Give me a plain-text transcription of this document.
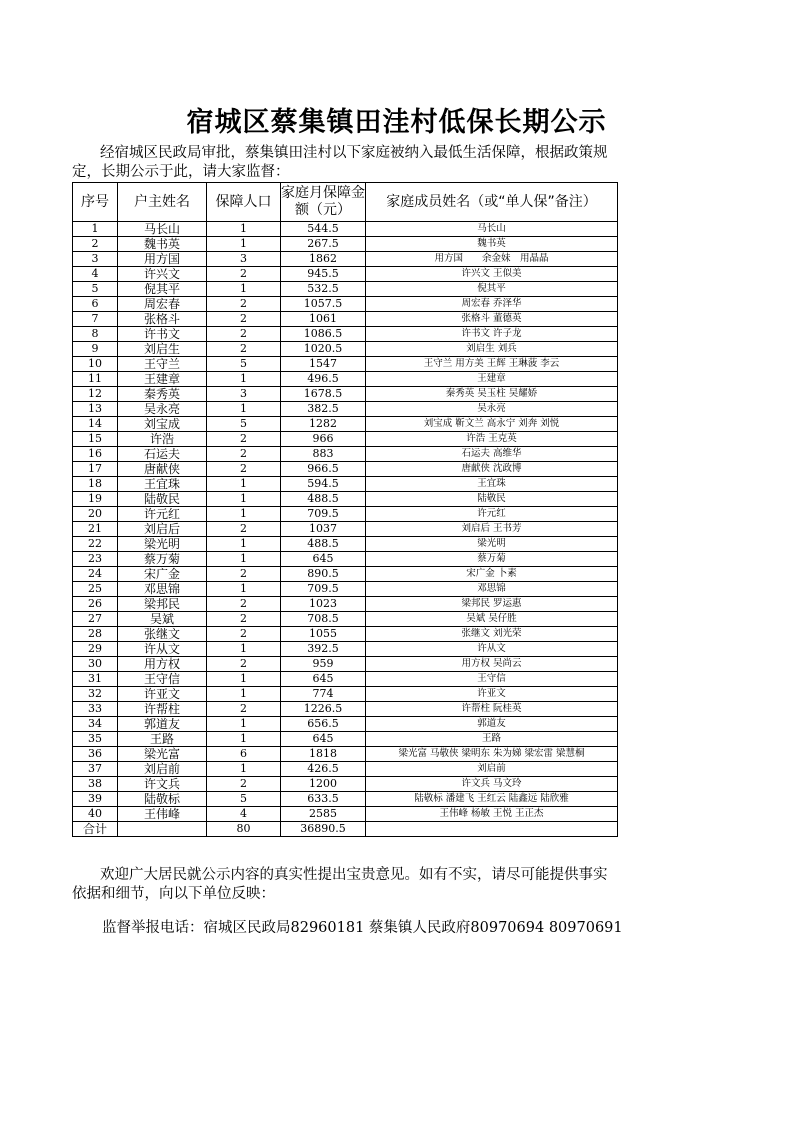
宿城区蔡集镇田洼村低保长期公示
经宿城区民政局审批，蔡集镇田洼村以下家庭被纳入最低生活保障，根据政策规定，长期公示于此，请大家监督：
序号	户主姓名	保障人口	家庭月保障金额（元）	家庭成员姓名（或“单人保”备注）
1	马长山	1	544.5	马长山
2	魏书英	1	267.5	魏书英
3	用方国	3	1862	用方国　　余金妹　用晶晶
4	许兴文	2	945.5	许兴文 王似美
5	倪其平	1	532.5	倪其平
6	周宏春	2	1057.5	周宏春 乔泽华
7	张格斗	2	1061	张格斗 董德英
8	许书文	2	1086.5	许书文 许子龙
9	刘启生	2	1020.5	刘启生 刘兵
10	王守兰	5	1547	王守兰 用方美 王辉 王琳菠 李云
11	王建章	1	496.5	王建章
12	秦秀英	3	1678.5	秦秀英 吴玉柱 吴耀娇
13	吴永亮	1	382.5	吴永亮
14	刘宝成	5	1282	刘宝成 靳文兰 高永宁 刘奔 刘悦
15	许浩	2	966	许浩 王克英
16	石运夫	2	883	石运夫 高维华
17	唐献侠	2	966.5	唐献侠 沈政博
18	王宜珠	1	594.5	王宜珠
19	陆敬民	1	488.5	陆敬民
20	许元红	1	709.5	许元红
21	刘启后	2	1037	刘启后 王书芳
22	梁光明	1	488.5	梁光明
23	蔡万菊	1	645	蔡万菊
24	宋广金	2	890.5	宋广金 卜素
25	邓思锦	1	709.5	邓思锦
26	梁邦民	2	1023	梁邦民 罗运惠
27	吴斌	2	708.5	吴斌 吴仔胜
28	张继文	2	1055	张继文 刘光荣
29	许从文	1	392.5	许从文
30	用方权	2	959	用方权 吴尚云
31	王守信	1	645	王守信
32	许亚文	1	774	许亚文
33	许帮柱	2	1226.5	许帮柱 阮桂英
34	郭道友	1	656.5	郭道友
35	王路	1	645	王路
36	梁光富	6	1818	梁光富 马敬侠 梁明东 朱为娣 梁宏雷 梁慧桐
37	刘启前	1	426.5	刘启前
38	许文兵	2	1200	许文兵 马文玲
39	陆敬标	5	633.5	陆敬标 潘建飞 王红云 陆鑫远 陆欣雅
40	王伟峰	4	2585	王伟峰 杨敏 王悦 王正杰
合计		80	36890.5	
欢迎广大居民就公示内容的真实性提出宝贵意见。如有不实，请尽可能提供事实依据和细节，向以下单位反映：
监督举报电话：宿城区民政局82960181 蔡集镇人民政府80970694 80970691
